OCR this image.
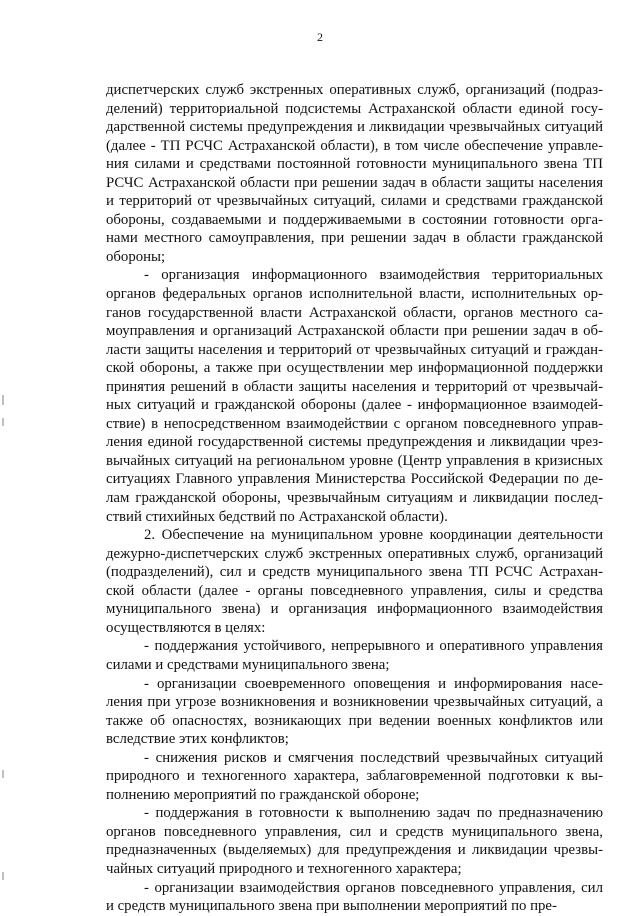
2

диспетчерских служб экстренных оперативных служб, организаций (подразделений) территориальной подсистемы Астраханской области единой государственной системы предупреждения и ликвидации чрезвычайных ситуаций (далее - ТП РСЧС Астраханской области), в том числе обеспечение управления силами и средствами постоянной готовности муниципального звена ТП РСЧС Астраханской области при решении задач в области защиты населения и территорий от чрезвычайных ситуаций, силами и средствами гражданской обороны, создаваемыми и поддерживаемыми в состоянии готовности органами местного самоуправления, при решении задач в области гражданской обороны;

- организация информационного взаимодействия территориальных органов федеральных органов исполнительной власти, исполнительных органов государственной власти Астраханской области, органов местного самоуправления и организаций Астраханской области при решении задач в области защиты населения и территорий от чрезвычайных ситуаций и гражданской обороны, а также при осуществлении мер информационной поддержки принятия решений в области защиты населения и территорий от чрезвычайных ситуаций и гражданской обороны (далее - информационное взаимодействие) в непосредственном взаимодействии с органом повседневного управления единой государственной системы предупреждения и ликвидации чрезвычайных ситуаций на региональном уровне (Центр управления в кризисных ситуациях Главного управления Министерства Российской Федерации по делам гражданской обороны, чрезвычайным ситуациям и ликвидации последствий стихийных бедствий по Астраханской области).

2. Обеспечение на муниципальном уровне координации деятельности дежурно-диспетчерских служб экстренных оперативных служб, организаций (подразделений), сил и средств муниципального звена ТП РСЧС Астраханской области (далее - органы повседневного управления, силы и средства муниципального звена) и организация информационного взаимодействия осуществляются в целях:

- поддержания устойчивого, непрерывного и оперативного управления силами и средствами муниципального звена;

- организации своевременного оповещения и информирования населения при угрозе возникновения и возникновении чрезвычайных ситуаций, а также об опасностях, возникающих при ведении военных конфликтов или вследствие этих конфликтов;

- снижения рисков и смягчения последствий чрезвычайных ситуаций природного и техногенного характера, заблаговременной подготовки к выполнению мероприятий по гражданской обороне;

- поддержания в готовности к выполнению задач по предназначению органов повседневного управления, сил и средств муниципального звена, предназначенных (выделяемых) для предупреждения и ликвидации чрезвычайных ситуаций природного и техногенного характера;

- организации взаимодействия органов повседневного управления, сил и средств муниципального звена при выполнении мероприятий по пре-
